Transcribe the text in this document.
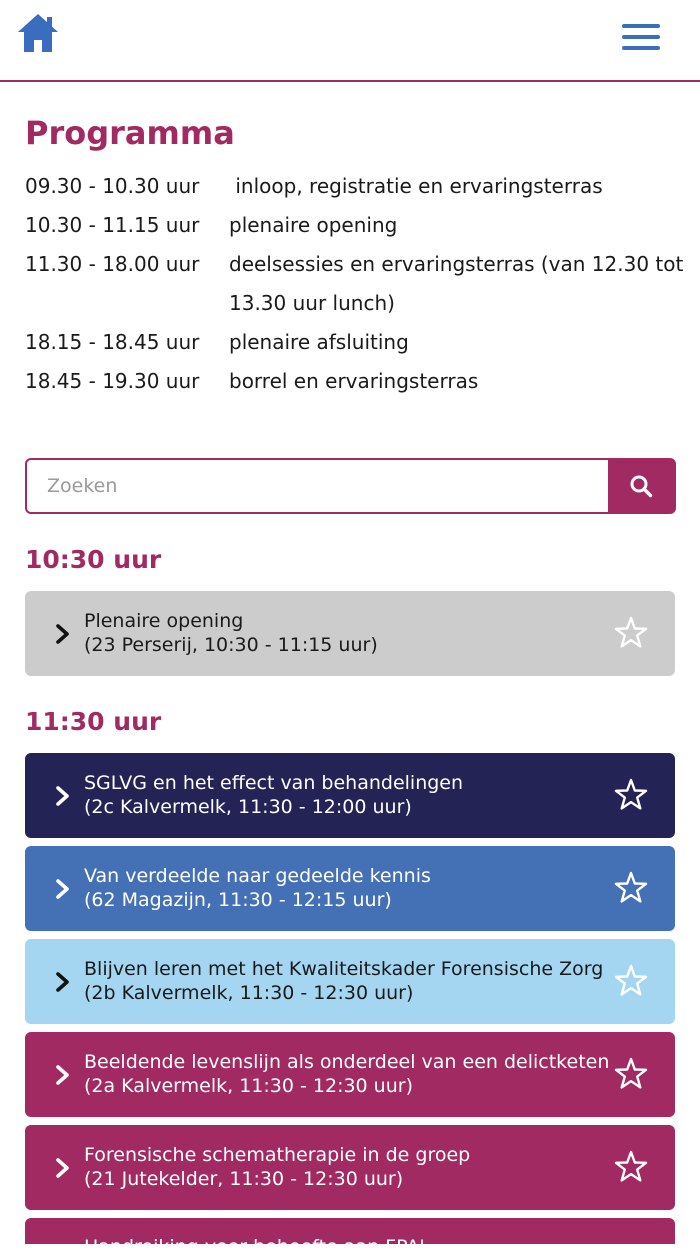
Programma
09.30 - 10.30 uur	inloop, registratie en ervaringsterras
10.30 - 11.15 uur	plenaire opening
11.30 - 18.00 uur	deelsessies en ervaringsterras (van 12.30 tot 13.30 uur lunch)
18.15 - 18.45 uur	plenaire afsluiting
18.45 - 19.30 uur	borrel en ervaringsterras
Zoeken
10:30 uur
Plenaire opening
(23 Perserij, 10:30 - 11:15 uur)
11:30 uur
SGLVG en het effect van behandelingen
(2c Kalvermelk, 11:30 - 12:00 uur)
Van verdeelde naar gedeelde kennis
(62 Magazijn, 11:30 - 12:15 uur)
Blijven leren met het Kwaliteitskader Forensische Zorg
(2b Kalvermelk, 11:30 - 12:30 uur)
Beeldende levenslijn als onderdeel van een delictketen
(2a Kalvermelk, 11:30 - 12:30 uur)
Forensische schematherapie in de groep
(21 Jutekelder, 11:30 - 12:30 uur)
Handreiking voor behoefte aan FPA'
